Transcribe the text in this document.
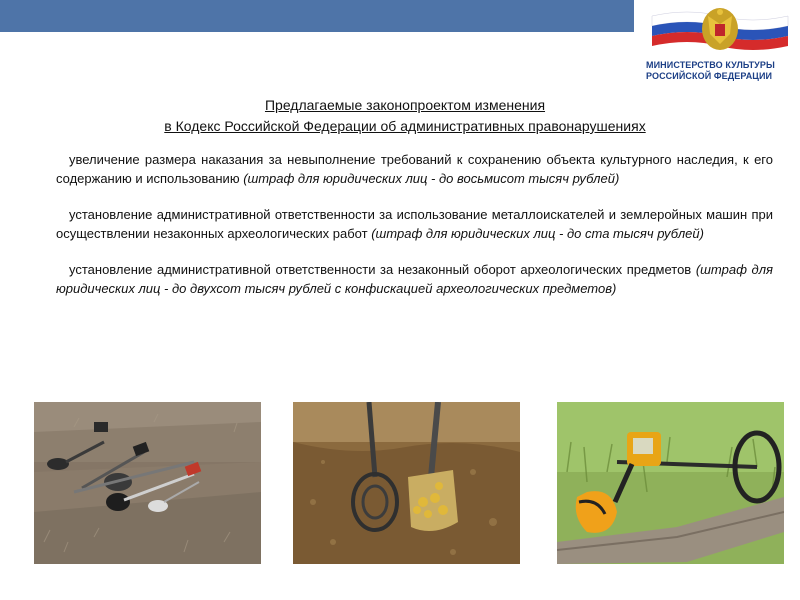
МИНИСТЕРСТВО КУЛЬТУРЫ
РОССИЙСКОЙ ФЕДЕРАЦИИ
Предлагаемые законопроектом изменения
в Кодекс Российской Федерации об административных правонарушениях

увеличение размера наказания за невыполнение требований к сохранению объекта культурного наследия, к его содержанию и использованию (штраф для юридических лиц - до восьмисот тысяч рублей)

установление административной ответственности за использование металлоискателей и землеройных машин при осуществлении незаконных археологических работ (штраф для юридических лиц - до ста тысяч рублей)

установление административной ответственности за незаконный оборот археологических предметов (штраф для юридических лиц - до двухсот тысяч рублей с конфискацией археологических предметов)
